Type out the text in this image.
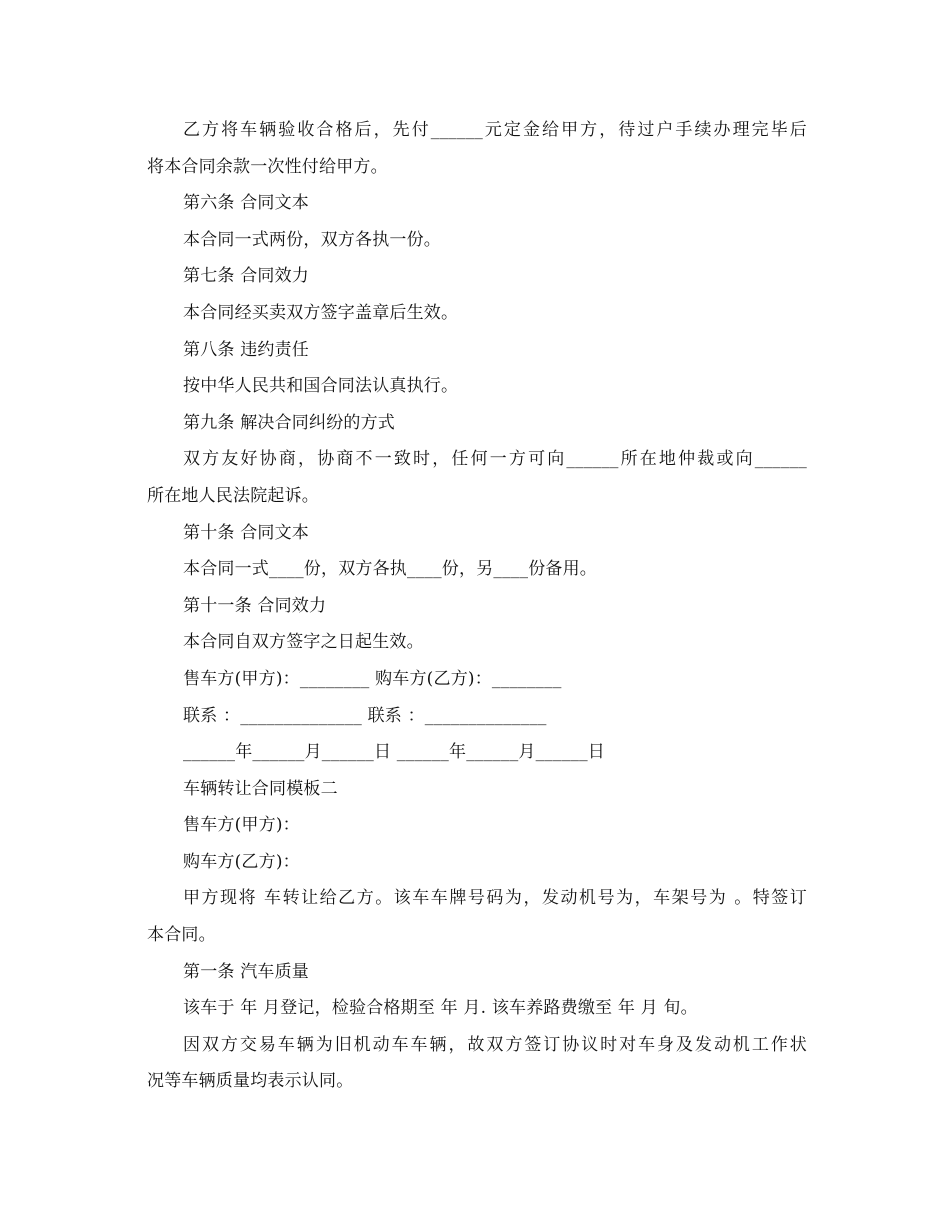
乙方将车辆验收合格后，先付______元定金给甲方，待过户手续办理完毕后
将本合同余款一次性付给甲方。
第六条 合同文本
本合同一式两份，双方各执一份。
第七条 合同效力
本合同经买卖双方签字盖章后生效。
第八条 违约责任
按中华人民共和国合同法认真执行。
第九条 解决合同纠纷的方式
双方友好协商，协商不一致时，任何一方可向______所在地仲裁或向______
所在地人民法院起诉。
第十条 合同文本
本合同一式____份，双方各执____份，另____份备用。
第十一条 合同效力
本合同自双方签字之日起生效。
售车方(甲方)：________ 购车方(乙方)：________
联系 ：______________ 联系 ：______________
______年______月______日 ______年______月______日
车辆转让合同模板二
售车方(甲方)：
购车方(乙方)：
甲方现将 车转让给乙方。该车车牌号码为，发动机号为，车架号为 。特签订
本合同。
第一条 汽车质量
该车于 年 月登记，检验合格期至 年 月. 该车养路费缴至 年 月 旬。
因双方交易车辆为旧机动车车辆，故双方签订协议时对车身及发动机工作状
况等车辆质量均表示认同。
